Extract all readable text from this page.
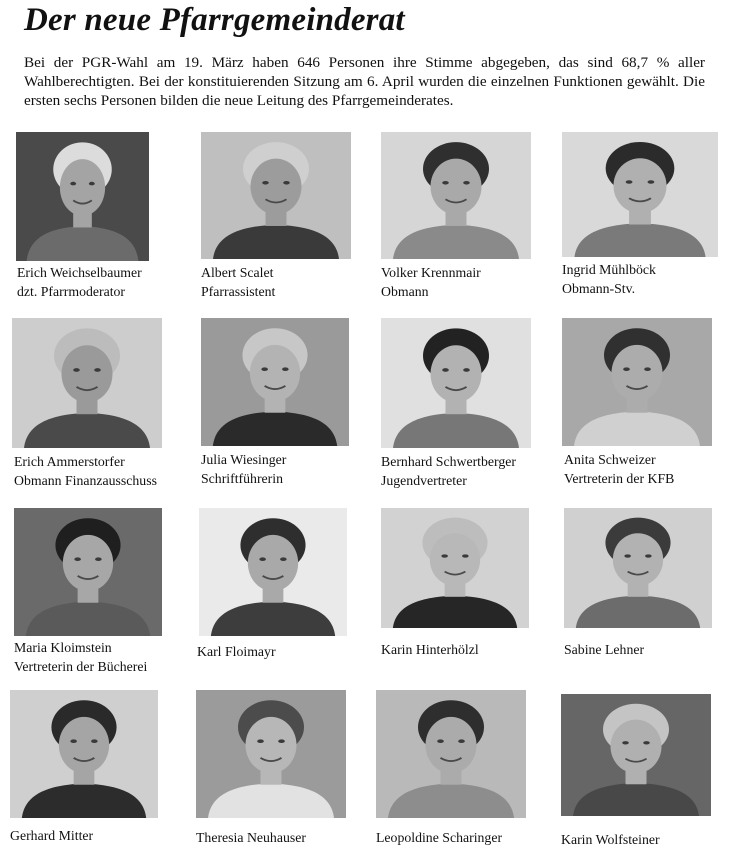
Der neue Pfarrgemeinderat

Bei der PGR-Wahl am 19. März haben 646 Personen ihre Stimme abgegeben, das sind 68,7 % aller Wahlberechtigten. Bei der konstituierenden Sitzung am 6. April wurden die einzelnen Funktionen gewählt. Die ersten sechs Personen bilden die neue Leitung des Pfarrgemeinderates.

Erich Weichselbaumer
dzt. Pfarrmoderator
Albert Scalet
Pfarrassistent
Volker Krennmair
Obmann
Ingrid Mühlböck
Obmann-Stv.
Erich Ammerstorfer
Obmann Finanzausschuss
Julia Wiesinger
Schriftführerin
Bernhard Schwertberger
Jugendvertreter
Anita Schweizer
Vertreterin der KFB
Maria Kloimstein
Vertreterin der Bücherei
Karl Floimayr	Karin Hinterhölzl	Sabine Lehner
Gerhard Mitter	Theresia Neuhauser	Leopoldine Scharinger	Karin Wolfsteiner
